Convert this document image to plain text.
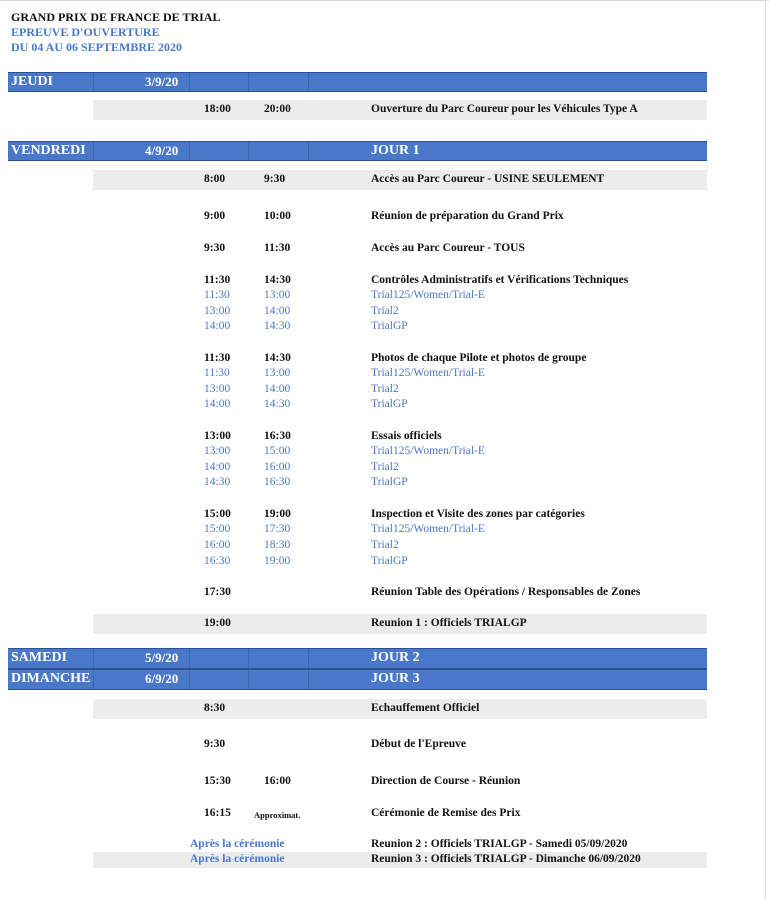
GRAND PRIX DE FRANCE DE TRIAL
EPREUVE D'OUVERTURE
DU 04 AU 06 SEPTEMBRE 2020
JEUDI	3/9/20
18:00	20:00	Ouverture du Parc Coureur pour les Véhicules Type A
VENDREDI	4/9/20	JOUR 1
8:00	9:30	Accès au Parc Coureur - USINE SEULEMENT
9:00	10:00	Réunion de préparation du Grand Prix
9:30	11:30	Accès au Parc Coureur - TOUS
11:30	14:30	Contrôles Administratifs et Vérifications Techniques
11:30	13:00	Trial125/Women/Trial-E
13:00	14:00	Trial2
14:00	14:30	TrialGP
11:30	14:30	Photos de chaque Pilote et photos de groupe
11:30	13:00	Trial125/Women/Trial-E
13:00	14:00	Trial2
14:00	14:30	TrialGP
13:00	16:30	Essais officiels
13:00	15:00	Trial125/Women/Trial-E
14:00	16:00	Trial2
14:30	16:30	TrialGP
15:00	19:00	Inspection et Visite des zones par catégories
15:00	17:30	Trial125/Women/Trial-E
16:00	18:30	Trial2
16:30	19:00	TrialGP
17:30	Réunion Table des Opérations / Responsables de Zones
19:00	Reunion 1 : Officiels TRIALGP
SAMEDI	5/9/20	JOUR 2
DIMANCHE	6/9/20	JOUR 3
8:30	Echauffement Officiel
9:30	Début de l'Epreuve
15:30	16:00	Direction de Course - Réunion
16:15	Approximat.	Cérémonie de Remise des Prix
Après la cérémonie	Reunion 2 : Officiels TRIALGP - Samedi 05/09/2020
Après la cérémonie	Reunion 3 : Officiels TRIALGP - Dimanche 06/09/2020
